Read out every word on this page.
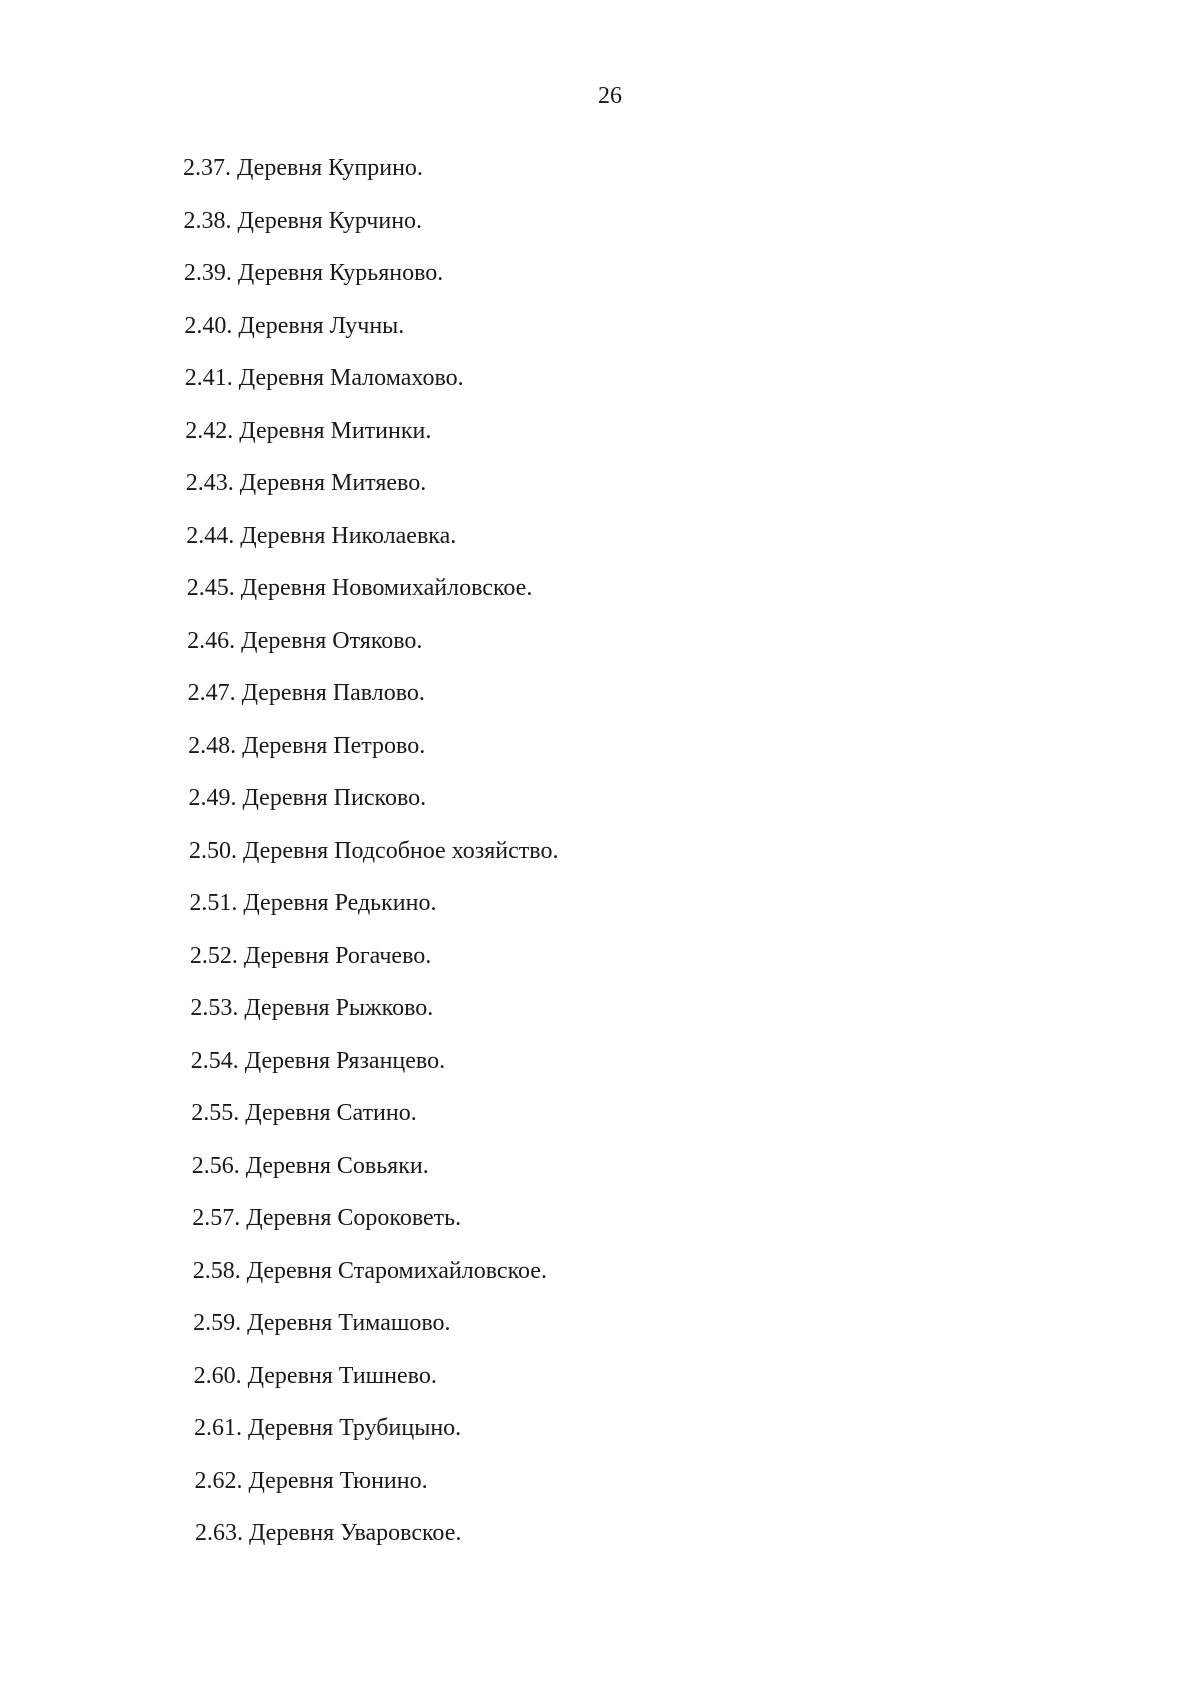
26
2.37. Деревня Куприно.
2.38. Деревня Курчино.
2.39. Деревня Курьяново.
2.40. Деревня Лучны.
2.41. Деревня Маломахово.
2.42. Деревня Митинки.
2.43. Деревня Митяево.
2.44. Деревня Николаевка.
2.45. Деревня Новомихайловское.
2.46. Деревня Отяково.
2.47. Деревня Павлово.
2.48. Деревня Петрово.
2.49. Деревня Писково.
2.50. Деревня Подсобное хозяйство.
2.51. Деревня Редькино.
2.52. Деревня Рогачево.
2.53. Деревня Рыжково.
2.54. Деревня Рязанцево.
2.55. Деревня Сатино.
2.56. Деревня Совьяки.
2.57. Деревня Сороковеть.
2.58. Деревня Старомихайловское.
2.59. Деревня Тимашово.
2.60. Деревня Тишнево.
2.61. Деревня Трубицыно.
2.62. Деревня Тюнино.
2.63. Деревня Уваровское.
